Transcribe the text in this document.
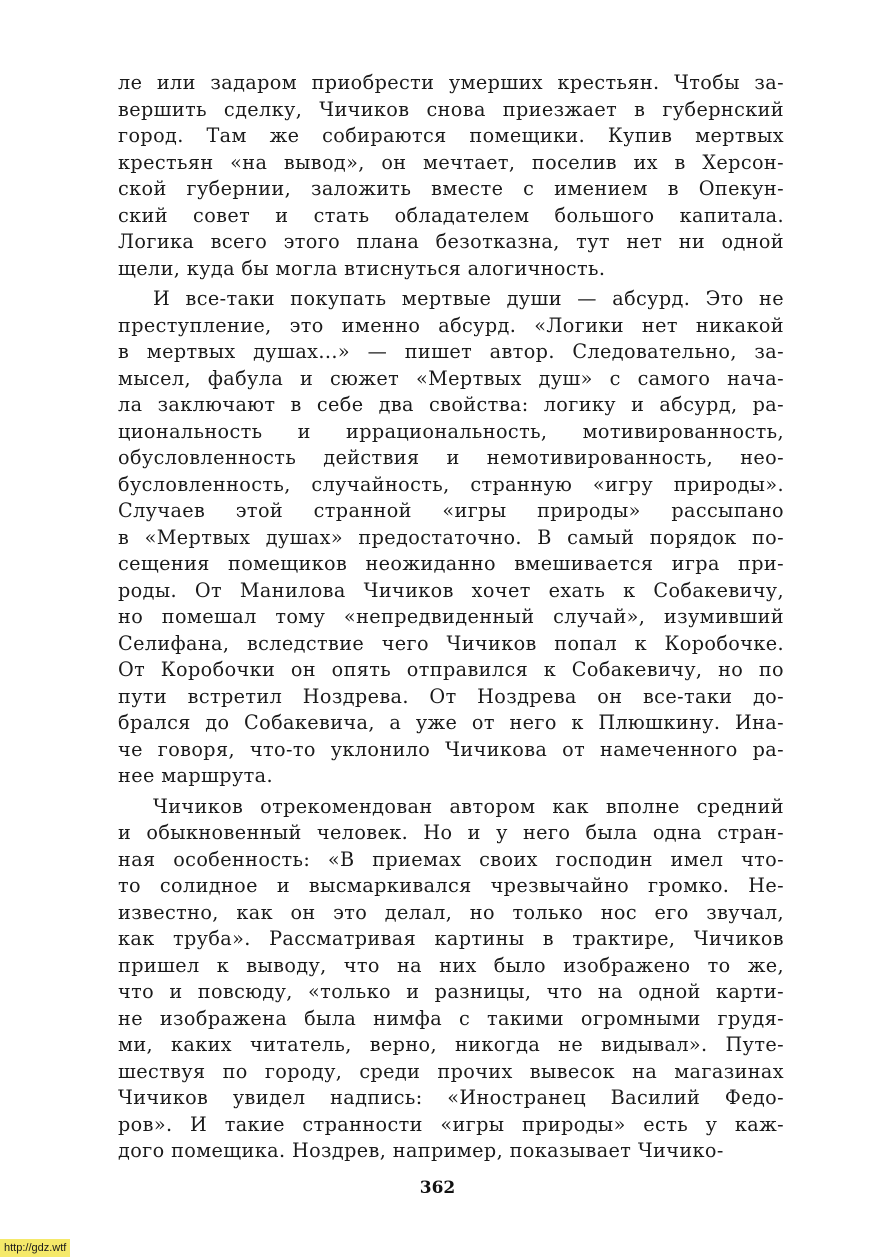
ле или задаром приобрести умерших крестьян. Чтобы за-
вершить сделку, Чичиков снова приезжает в губернский
город. Там же собираются помещики. Купив мертвых
крестьян «на вывод», он мечтает, поселив их в Херсон-
ской губернии, заложить вместе с имением в Опекун-
ский совет и стать обладателем большого капитала.
Логика всего этого плана безотказна, тут нет ни одной
щели, куда бы могла втиснуться алогичность.
И все-таки покупать мертвые души — абсурд. Это не
преступление, это именно абсурд. «Логики нет никакой
в мертвых душах...» — пишет автор. Следовательно, за-
мысел, фабула и сюжет «Мертвых душ» с самого нача-
ла заключают в себе два свойства: логику и абсурд, ра-
циональность и иррациональность, мотивированность,
обусловленность действия и немотивированность, нео-
бусловленность, случайность, странную «игру природы».
Случаев этой странной «игры природы» рассыпано
в «Мертвых душах» предостаточно. В самый порядок по-
сещения помещиков неожиданно вмешивается игра при-
роды. От Манилова Чичиков хочет ехать к Собакевичу,
но помешал тому «непредвиденный случай», изумивший
Селифана, вследствие чего Чичиков попал к Коробочке.
От Коробочки он опять отправился к Собакевичу, но по
пути встретил Ноздрева. От Ноздрева он все-таки до-
брался до Собакевича, а уже от него к Плюшкину. Ина-
че говоря, что-то уклонило Чичикова от намеченного ра-
нее маршрута.
Чичиков отрекомендован автором как вполне средний
и обыкновенный человек. Но и у него была одна стран-
ная особенность: «В приемах своих господин имел что-
то солидное и высмаркивался чрезвычайно громко. Не-
известно, как он это делал, но только нос его звучал,
как труба». Рассматривая картины в трактире, Чичиков
пришел к выводу, что на них было изображено то же,
что и повсюду, «только и разницы, что на одной карти-
не изображена была нимфа с такими огромными грудя-
ми, каких читатель, верно, никогда не видывал». Путе-
шествуя по городу, среди прочих вывесок на магазинах
Чичиков увидел надпись: «Иностранец Василий Федо-
ров». И такие странности «игры природы» есть у каж-
дого помещика. Ноздрев, например, показывает Чичико-
362
http://gdz.wtf
